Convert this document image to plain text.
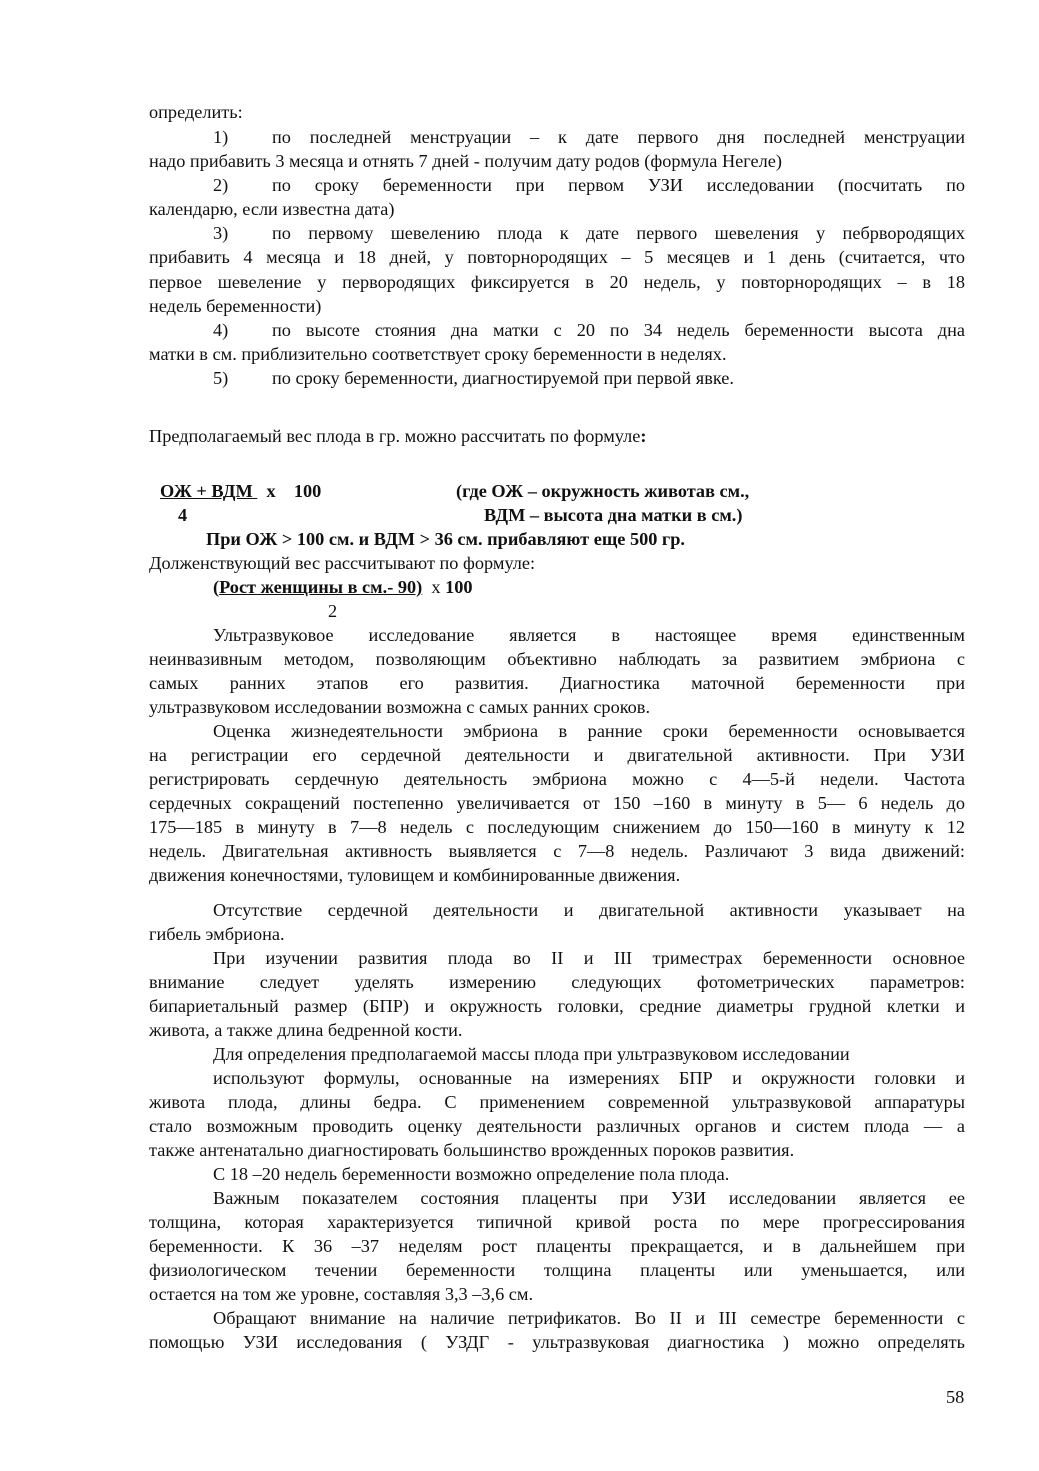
определить:
1) по последней менструации – к дате первого дня последней менструации
надо прибавить 3 месяца и отнять 7 дней - получим дату родов (формула Негеле)
2) по сроку беременности при первом УЗИ исследовании (посчитать по
календарю, если известна дата)
3) по первому шевелению плода к дате первого шевеления у пебрвородящих
прибавить 4 месяца и 18 дней, у повторнородящих – 5 месяцев и 1 день (считается, что
первое шевеление у первородящих фиксируется в 20 недель, у повторнородящих – в 18
недель беременности)
4) по высоте стояния дна матки с 20 по 34 недель беременности высота дна
матки в см. приблизительно соответствует сроку беременности в неделях.
5) по сроку беременности, диагностируемой при первой явке.
Предполагаемый вес плода в гр. можно рассчитать по формуле:
ОЖ + ВДМ х 100	(где ОЖ – окружность животав см.,
4	ВДМ – высота дна матки в см.)
При ОЖ > 100 см. и ВДМ > 36 см. прибавляют еще 500 гр.
Долженствующий вес рассчитывают по формуле:
(Рост женщины в см.- 90) х 100
2
Ультразвуковое исследование является в настоящее время единственным
неинвазивным методом, позволяющим объективно наблюдать за развитием эмбриона с
самых ранних этапов его развития. Диагностика маточной беременности при
ультразвуковом исследовании возможна с самых ранних сроков.
Оценка жизнедеятельности эмбриона в ранние сроки беременности основывается
на регистрации его сердечной деятельности и двигательной активности. При УЗИ
регистрировать сердечную деятельность эмбриона можно с 4—5-й недели. Частота
сердечных сокращений постепенно увеличивается от 150 –160 в минуту в 5— 6 недель до
175—185 в минуту в 7—8 недель с последующим снижением до 150—160 в минуту к 12
недель. Двигательная активность выявляется с 7—8 недель. Различают 3 вида движений:
движения конечностями, туловищем и комбинированные движения.
Отсутствие сердечной деятельности и двигательной активности указывает на
гибель эмбриона.
При изучении развития плода во II и III триместрах беременности основное
внимание следует уделять измерению следующих фотометрических параметров:
бипариетальный размер (БПР) и окружность головки, средние диаметры грудной клетки и
живота, а также длина бедренной кости.
Для определения предполагаемой массы плода при ультразвуковом исследовании
используют формулы, основанные на измерениях БПР и окружности головки и
живота плода, длины бедра. С применением современной ультразвуковой аппаратуры
стало возможным проводить оценку деятельности различных органов и систем плода — а
также антенатально диагностировать большинство врожденных пороков развития.
С 18 –20 недель беременности возможно определение пола плода.
Важным показателем состояния плаценты при УЗИ исследовании является ее
толщина, которая характеризуется типичной кривой роста по мере прогрессирования
беременности. К 36 –37 неделям рост плаценты прекращается, и в дальнейшем при
физиологическом течении беременности толщина плаценты или уменьшается, или
остается на том же уровне, составляя 3,3 –3,6 см.
Обращают внимание на наличие петрификатов. Во II и III семестре беременности с
помощью УЗИ исследования ( УЗДГ - ультразвуковая диагностика ) можно определять
58
